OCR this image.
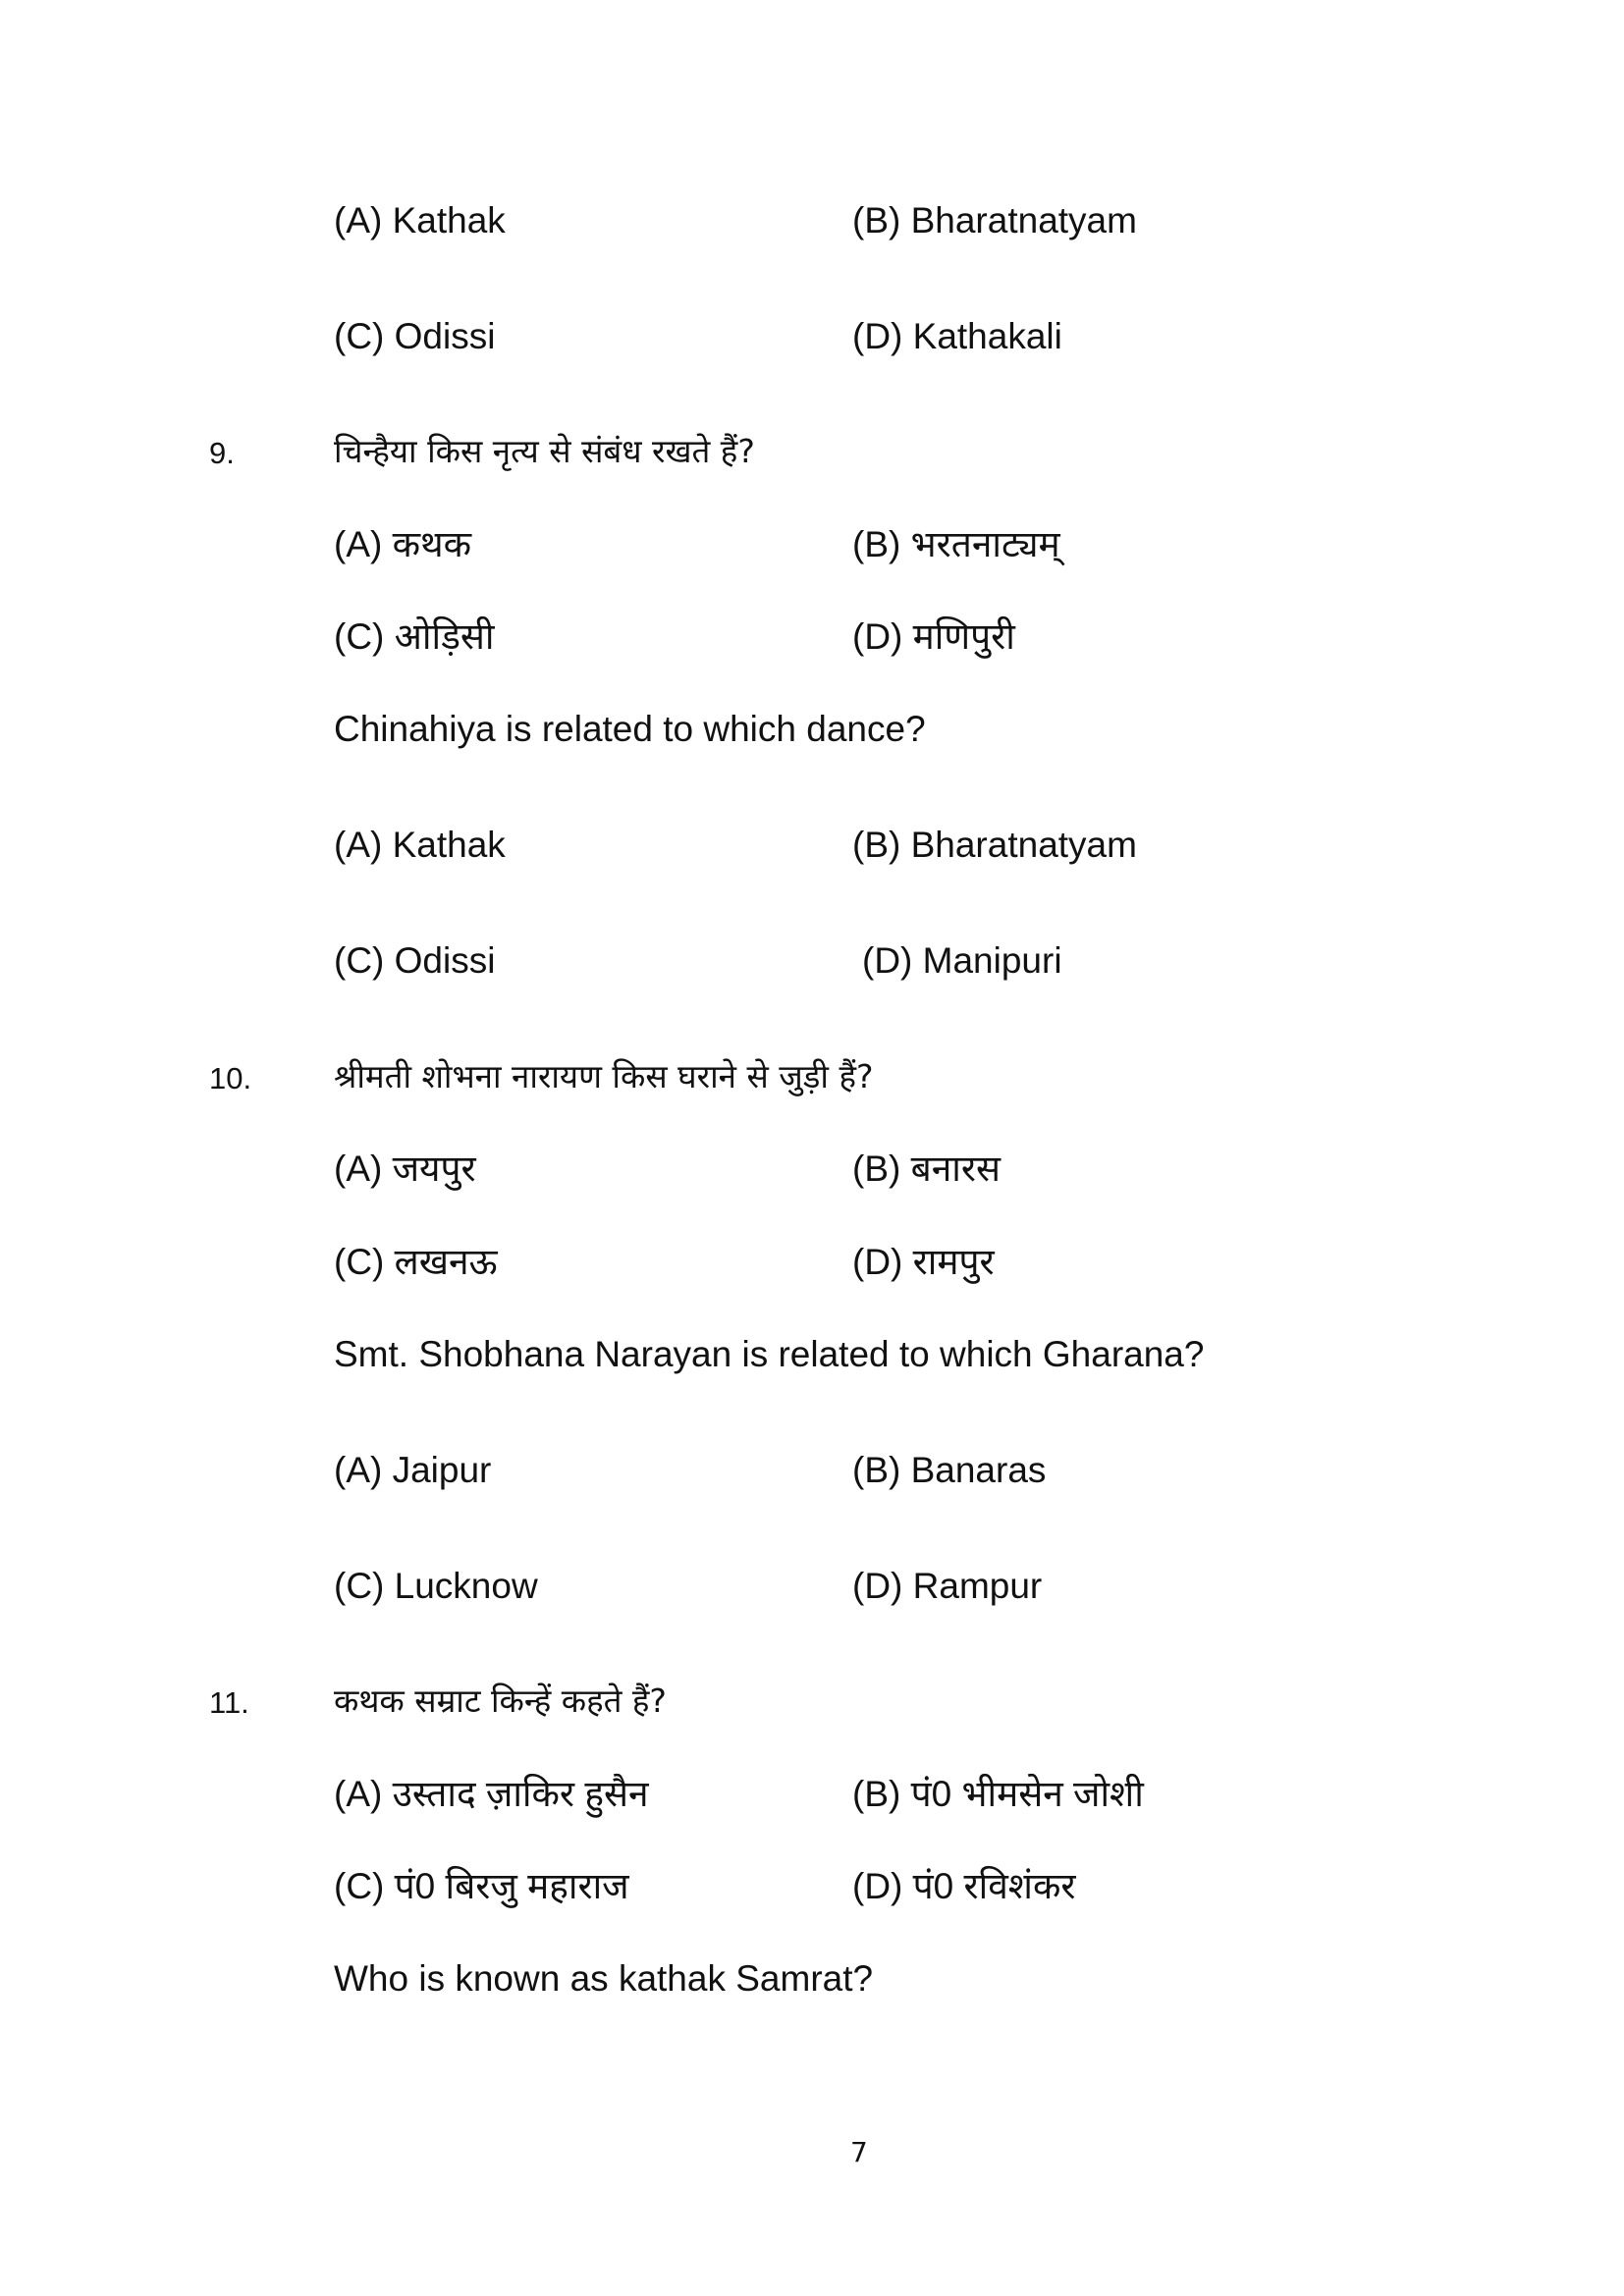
(A) Kathak	(B) Bharatnatyam
(C) Odissi	(D) Kathakali
9.	चिन्हैया किस नृत्य से संबंध रखते हैं?
(A) कथक	(B) भरतनाट्यम्
(C) ओड़िसी	(D) मणिपुरी
Chinahiya is related to which dance?
(A) Kathak	(B) Bharatnatyam
(C) Odissi	(D) Manipuri
10.	श्रीमती शोभना नारायण किस घराने से जुड़ी हैं?
(A) जयपुर	(B) बनारस
(C) लखनऊ	(D) रामपुर
Smt. Shobhana Narayan is related to which Gharana?
(A) Jaipur	(B) Banaras
(C) Lucknow	(D) Rampur
11.	कथक सम्राट किन्हें कहते हैं?
(A) उस्ताद ज़ाकिर हुसैन	(B) पं0 भीमसेन जोशी
(C) पं0 बिरजु महाराज	(D) पं0 रविशंकर
Who is known as kathak Samrat?
7
